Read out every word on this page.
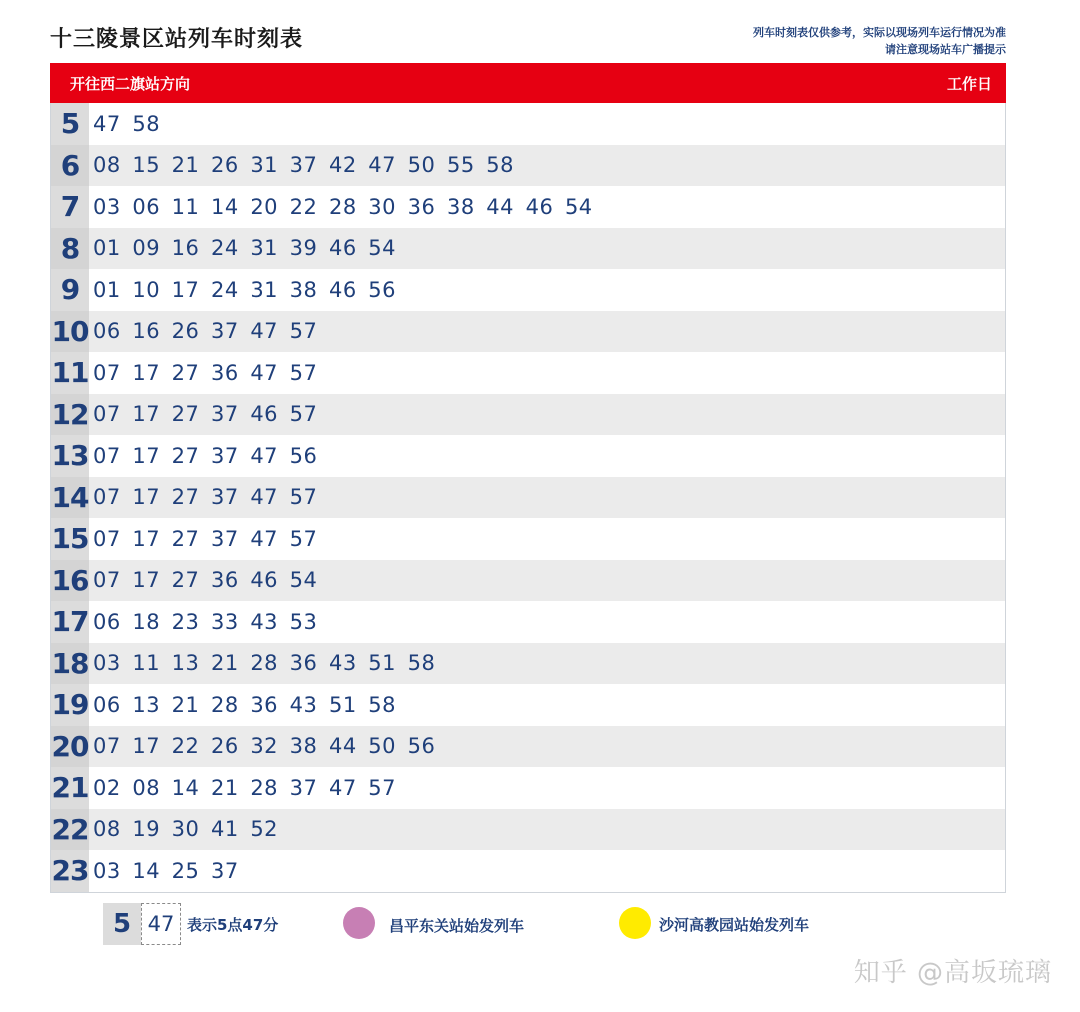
十三陵景区站列车时刻表	列车时刻表仅供参考，实际以现场列车运行情况为准
请注意现场站车广播提示
开往西二旗站方向	工作日
5 47 58
6 08 15 21 26 31 37 42 47 50 55 58
7 03 06 11 14 20 22 28 30 36 38 44 46 54
8 01 09 16 24 31 39 46 54
9 01 10 17 24 31 38 46 56
10 06 16 26 37 47 57
11 07 17 27 36 47 57
12 07 17 27 37 46 57
13 07 17 27 37 47 56
14 07 17 27 37 47 57
15 07 17 27 37 47 57
16 07 17 27 36 46 54
17 06 18 23 33 43 53
18 03 11 13 21 28 36 43 51 58
19 06 13 21 28 36 43 51 58
20 07 17 22 26 32 38 44 50 56
21 02 08 14 21 28 37 47 57
22 08 19 30 41 52
23 03 14 25 37
5 47 表示5点47分	昌平东关站始发列车	沙河高教园站始发列车
知乎 @高坂琉璃
